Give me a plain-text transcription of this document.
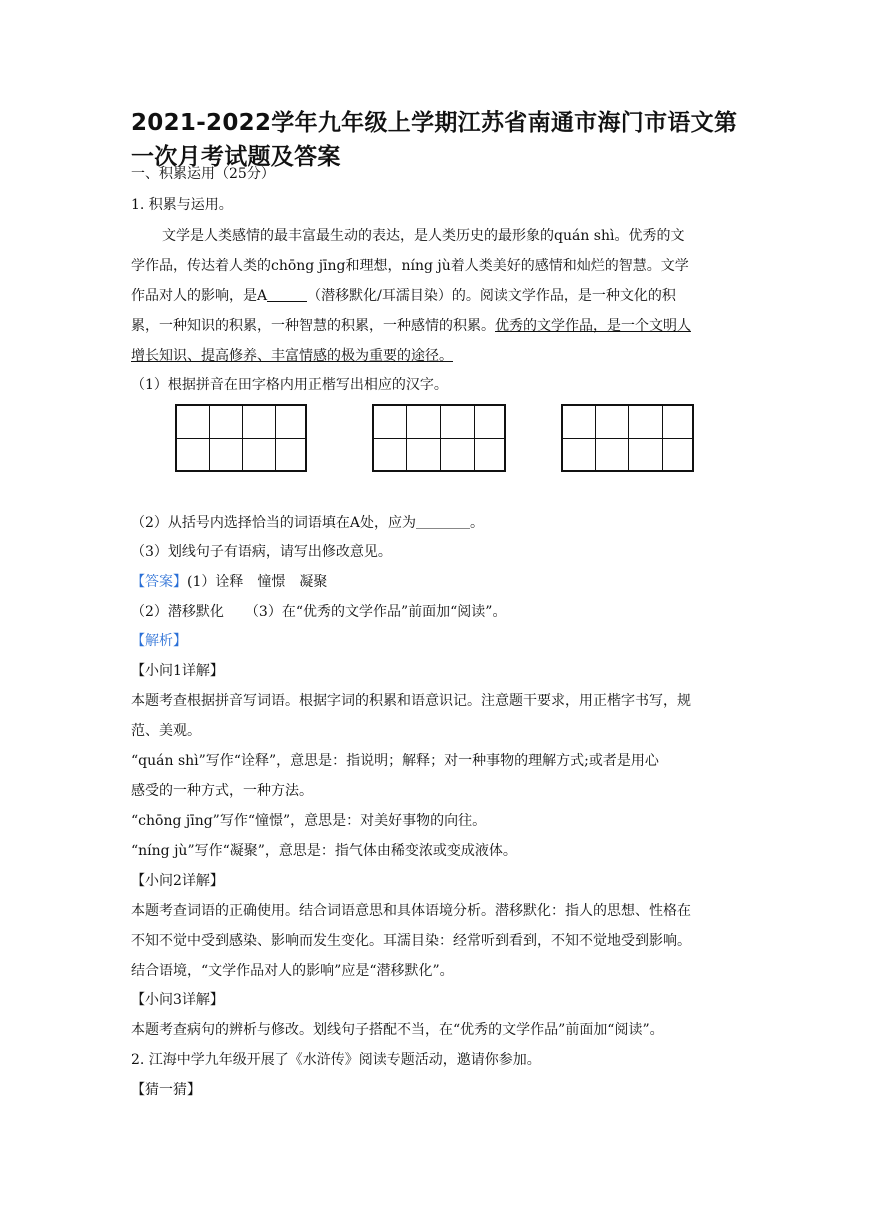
2021-2022学年九年级上学期江苏省南通市海门市语文第一次月考试题及答案

一、积累运用（25分）

1. 积累与运用。

文学是人类感情的最丰富最生动的表达，是人类历史的最形象的quán shì。优秀的文

学作品，传达着人类的chōng jīng和理想，níng jù着人类美好的感情和灿烂的智慧。文学

作品对人的影响，是A	（潜移默化/耳濡目染）的。阅读文学作品，是一种文化的积

累，一种知识的积累，一种智慧的积累，一种感情的积累。优秀的文学作品，是一个文明人

增长知识、提高修养、丰富情感的极为重要的途径。

（1）根据拼音在田字格内用正楷写出相应的汉字。

（2）从括号内选择恰当的词语填在A处，应为	。

（3）划线句子有语病，请写出修改意见。

【答案】(1）诠释　憧憬　凝聚

（2）潜移默化　　（3）在“优秀的文学作品”前面加“阅读”。

【解析】

【小问1详解】

本题考查根据拼音写词语。根据字词的积累和语意识记。注意题干要求，用正楷字书写，规

范、美观。

“quán shì”写作“诠释”，意思是：指说明；解释；对一种事物的理解方式;或者是用心

感受的一种方式，一种方法。

“chōng jīng”写作“憧憬”，意思是：对美好事物的向往。

“níng jù”写作“凝聚”，意思是：指气体由稀变浓或变成液体。

【小问2详解】

本题考查词语的正确使用。结合词语意思和具体语境分析。潜移默化：指人的思想、性格在

不知不觉中受到感染、影响而发生变化。耳濡目染：经常听到看到，不知不觉地受到影响。

结合语境，“文学作品对人的影响”应是“潜移默化”。

【小问3详解】

本题考查病句的辨析与修改。划线句子搭配不当，在“优秀的文学作品”前面加“阅读”。

2. 江海中学九年级开展了《水浒传》阅读专题活动，邀请你参加。

【猜一猜】
